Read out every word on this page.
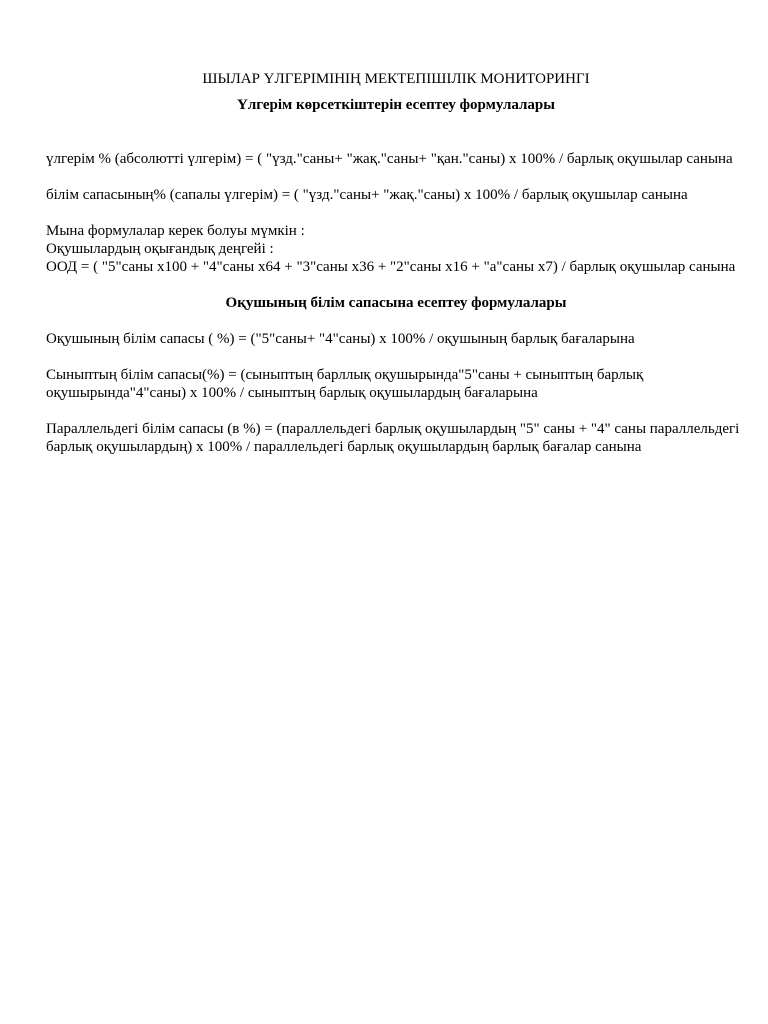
ШЫЛАР ҮЛГЕРІМІНІҢ МЕКТЕПІШІЛІК МОНИТОРИНГІ

Үлгерім көрсеткіштерін есептеу формулалары

үлгерім % (абсолютті үлгерім) = ( "үзд."саны+ "жақ."саны+ "қан."саны) х 100% / барлық оқушылар санына

білім сапасының% (сапалы үлгерім) = ( "үзд."саны+ "жақ."саны) х 100% / барлық оқушылар санына

Мына формулалар керек болуы мүмкін :

Оқушылардың оқығандық деңгейі :

ООД = ( "5"саны х100 + "4"саны х64 + "3"саны х36 + "2"саны х16 + "а"саны х7) / барлық оқушылар санына

Оқушының білім сапасына есептеу формулалары

Оқушының білім сапасы ( %) = ("5"саны+ "4"саны) х 100% / оқушының барлық бағаларына

Сыныптың білім сапасы(%) = (сыныптың барллық оқушырында"5"саны + сыныптың барлық оқушырында"4"саны) х 100% / сыныптың барлық оқушылардың бағаларына

Параллельдегі білім сапасы (в %) = (параллельдегі барлық оқушылардың "5" саны + "4" саны параллельдегі барлық оқушылардың) х 100% / параллельдегі барлық оқушылардың барлық бағалар санына
